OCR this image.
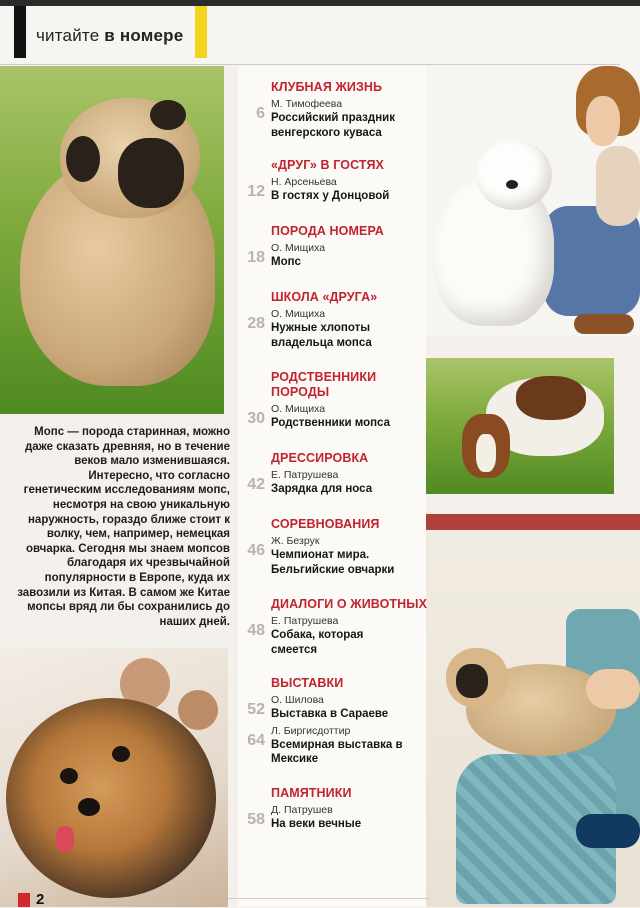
читайте в номере
Мопс — порода старинная, можно даже сказать древняя, но в течение веков мало изменившаяся. Интересно, что согласно генетическим исследованиям мопс, несмотря на свою уникальную наружность, гораздо ближе стоит к волку, чем, например, немецкая овчарка. Сегодня мы знаем мопсов благодаря их чрезвычайной популярности в Европе, куда их завозили из Китая. В самом же Китае мопсы вряд ли бы сохранились до наших дней.
КЛУБНАЯ ЖИЗНЬ
6
М. Тимофеева
Российский праздник венгерского куваса
«ДРУГ» В ГОСТЯХ
12
Н. Арсеньева
В гостях у Донцовой
ПОРОДА НОМЕРА
18
О. Мищиха
Мопс
ШКОЛА «ДРУГА»
28
О. Мищиха
Нужные хлопоты владельца мопса
РОДСТВЕННИКИ ПОРОДЫ
30
О. Мищиха
Родственники мопса
ДРЕССИРОВКА
42
Е. Патрушева
Зарядка для носа
СОРЕВНОВАНИЯ
46
Ж. Безрук
Чемпионат мира. Бельгийские овчарки
ДИАЛОГИ О ЖИВОТНЫХ
48
Е. Патрушева
Собака, которая смеется
ВЫСТАВКИ
52
О. Шилова
Выставка в Сараеве
64
Л. Биргисдоттир
Всемирная выставка в Мексике
ПАМЯТНИКИ
58
Д. Патрушев
На веки вечные
2
